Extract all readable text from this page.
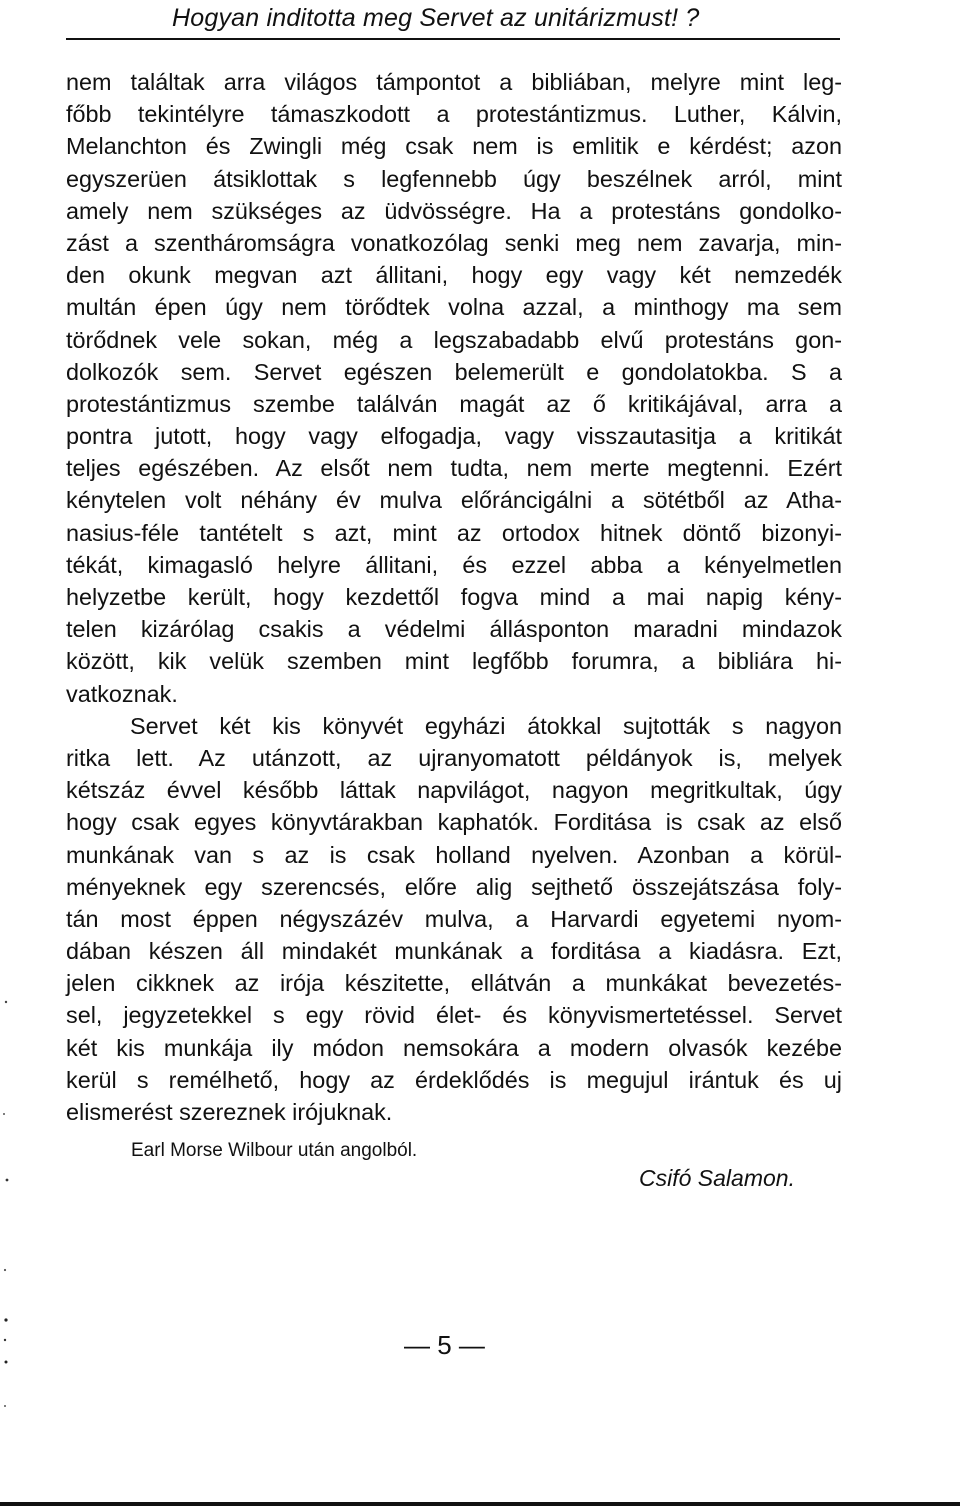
Hogyan inditotta meg Servet az unitárizmust! ?
nem találtak arra világos támpontot a bibliában, melyre mint leg-
főbb tekintélyre támaszkodott a protestántizmus. Luther, Kálvin,
Melanchton és Zwingli még csak nem is emlitik e kérdést; azon
egyszerüen átsiklottak s legfennebb úgy beszélnek arról, mint
amely nem szükséges az üdvösségre. Ha a protestáns gondolko-
zást a szentháromságra vonatkozólag senki meg nem zavarja, min-
den okunk megvan azt állitani, hogy egy vagy két nemzedék
multán épen úgy nem törődtek volna azzal, a minthogy ma sem
törődnek vele sokan, még a legszabadabb elvű protestáns gon-
dolkozók sem. Servet egészen belemerült e gondolatokba. S a
protestántizmus szembe találván magát az ő kritikájával, arra a
pontra jutott, hogy vagy elfogadja, vagy visszautasitja a kritikát
teljes egészében. Az elsőt nem tudta, nem merte megtenni. Ezért
kénytelen volt néhány év mulva előráncigálni a sötétből az Atha-
nasius-féle tantételt s azt, mint az ortodox hitnek döntő bizonyi-
tékát, kimagasló helyre állitani, és ezzel abba a kényelmetlen
helyzetbe került, hogy kezdettől fogva mind a mai napig kény-
telen kizárólag csakis a védelmi állásponton maradni mindazok
között, kik velük szemben mint legfőbb forumra, a bibliára hi-
vatkoznak.
Servet két kis könyvét egyházi átokkal sujtották s nagyon
ritka lett. Az utánzott, az ujranyomatott példányok is, melyek
kétszáz évvel később láttak napvilágot, nagyon megritkultak, úgy
hogy csak egyes könyvtárakban kaphatók. Forditása is csak az első
munkának van s az is csak holland nyelven. Azonban a körül-
ményeknek egy szerencsés, előre alig sejthető összejátszása foly-
tán most éppen négyszázév mulva, a Harvardi egyetemi nyom-
dában készen áll mindakét munkának a forditása a kiadásra. Ezt,
jelen cikknek az irója készitette, ellátván a munkákat bevezetés-
sel, jegyzetekkel s egy rövid élet- és könyvismertetéssel. Servet
két kis munkája ily módon nemsokára a modern olvasók kezébe
kerül s remélhető, hogy az érdeklődés is megujul irántuk és uj
elismerést szereznek irójuknak.
Earl Morse Wilbour után angolból.
Csifó Salamon.
— 5 —
